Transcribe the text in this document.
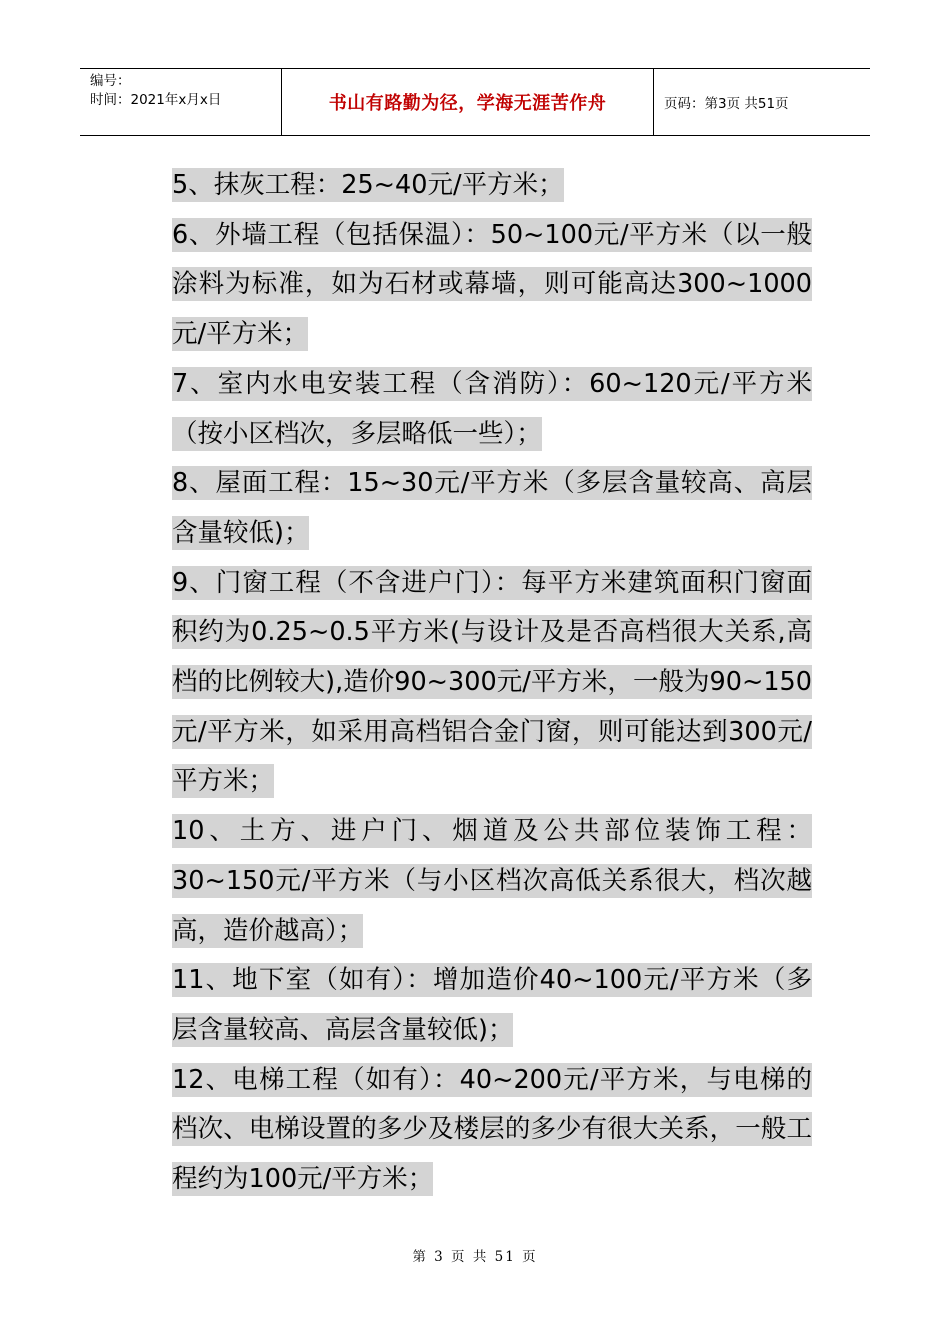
编号：
时间：2021年x月x日	书山有路勤为径，学海无涯苦作舟	页码：第3页 共51页

5、抹灰工程：25~40元/平方米；

6、外墙工程（包括保温）：50~100元/平方米（以一般涂料为标准，如为石材或幕墙，则可能高达300~1000元/平方米；

7、室内水电安装工程（含消防）：60~120元/平方米（按小区档次，多层略低一些）；

8、屋面工程：15~30元/平方米（多层含量较高、高层含量较低)；

9、门窗工程（不含进户门）：每平方米建筑面积门窗面积约为0.25~0.5平方米(与设计及是否高档很大关系,高档的比例较大),造价90~300元/平方米，一般为90~150元/平方米，如采用高档铝合金门窗，则可能达到300元/平方米；

10、土方、进户门、烟道及公共部位装饰工程：30~150元/平方米（与小区档次高低关系很大，档次越高，造价越高）；

11、地下室（如有）：增加造价40~100元/平方米（多层含量较高、高层含量较低)；

12、电梯工程（如有）：40~200元/平方米，与电梯的档次、电梯设置的多少及楼层的多少有很大关系，一般工程约为100元/平方米；

第 3 页 共 51 页
